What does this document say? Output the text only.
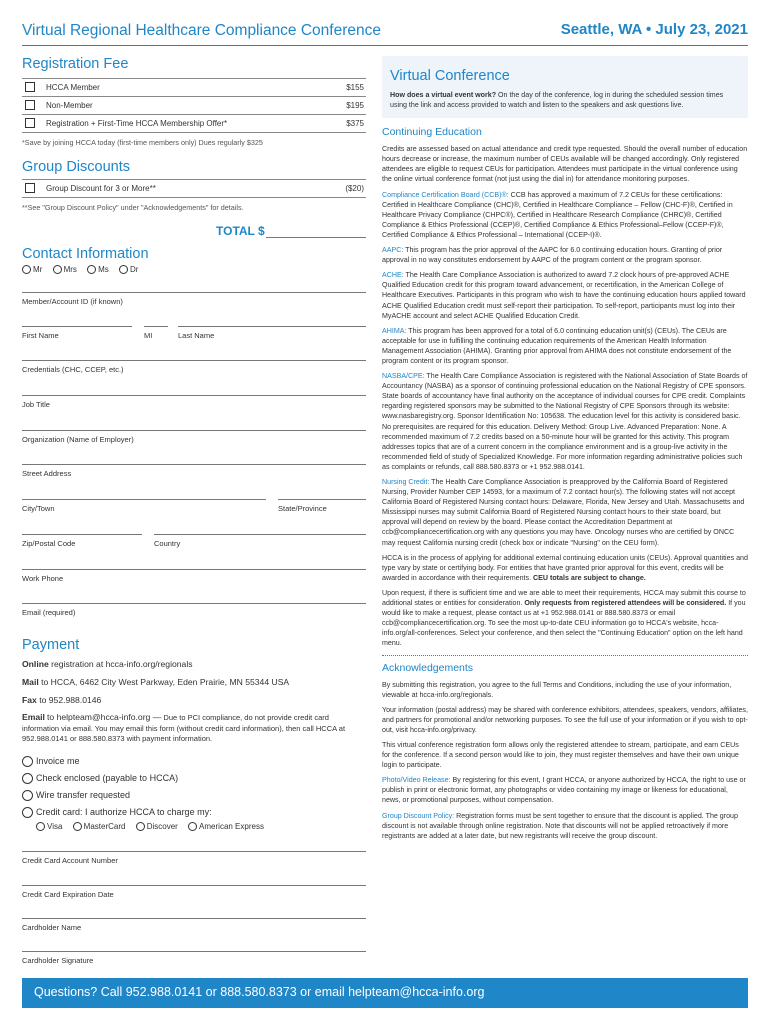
Virtual Regional Healthcare Compliance Conference	Seattle, WA • July 23, 2021
Registration Fee
HCCA Member	$155
Non-Member	$195
Registration + First-Time HCCA Membership Offer*	$375
*Save by joining HCCA today (first-time members only) Dues regularly $325
Group Discounts
Group Discount for 3 or More**	($20)
**See "Group Discount Policy" under "Acknowledgements" for details.
TOTAL $
Contact Information
Mr	Mrs	Ms	Dr
Member/Account ID (if known)
First Name	MI	Last Name
Credentials (CHC, CCEP, etc.)
Job Title
Organization (Name of Employer)
Street Address
City/Town	State/Province
Zip/Postal Code	Country
Work Phone
Email (required)
Payment
Online registration at hcca-info.org/regionals
Mail to HCCA, 6462 City West Parkway, Eden Prairie, MN 55344 USA
Fax to 952.988.0146
Email to helpteam@hcca-info.org — Due to PCI compliance, do not provide credit card information via email. You may email this form (without credit card information), then call HCCA at 952.988.0141 or 888.580.8373 with payment information.
Invoice me
Check enclosed (payable to HCCA)
Wire transfer requested
Credit card: I authorize HCCA to charge my:
Visa	MasterCard	Discover	American Express
Credit Card Account Number
Credit Card Expiration Date
Cardholder Name
Cardholder Signature
Virtual Conference
How does a virtual event work? On the day of the conference, log in during the scheduled session times using the link and access provided to watch and listen to the speakers and ask questions live.
Continuing Education
Credits are assessed based on actual attendance and credit type requested. Should the overall number of education hours decrease or increase, the maximum number of CEUs available will be changed accordingly. Only registered attendees are eligible to request CEUs for participation. Attendees must participate in the virtual conference using the online virtual conference format (not just using the dial in) for attendance monitoring purposes.
Compliance Certification Board (CCB)®: CCB has approved a maximum of 7.2 CEUs for these certifications: Certified in Healthcare Compliance (CHC)®, Certified in Healthcare Compliance – Fellow (CHC-F)®, Certified in Healthcare Privacy Compliance (CHPC®), Certified in Healthcare Research Compliance (CHRC)®, Certified Compliance & Ethics Professional (CCEP)®, Certified Compliance & Ethics Professional–Fellow (CCEP-F)®, Certified Compliance & Ethics Professional – International (CCEP-I)®.
AAPC: This program has the prior approval of the AAPC for 6.0 continuing education hours. Granting of prior approval in no way constitutes endorsement by AAPC of the program content or the program sponsor.
ACHE: The Health Care Compliance Association is authorized to award 7.2 clock hours of pre-approved ACHE Qualified Education credit for this program toward advancement, or recertification, in the American College of Healthcare Executives. Participants in this program who wish to have the continuing education hours applied toward ACHE Qualified Education credit must self-report their participation. To self-report, participants must log into their MyACHE account and select ACHE Qualified Education Credit.
AHIMA: This program has been approved for a total of 6.0 continuing education unit(s) (CEUs). The CEUs are acceptable for use in fulfilling the continuing education requirements of the American Health Information Management Association (AHIMA). Granting prior approval from AHIMA does not constitute endorsement of the program content or its program sponsor.
NASBA/CPE: The Health Care Compliance Association is registered with the National Association of State Boards of Accountancy (NASBA) as a sponsor of continuing professional education on the National Registry of CPE sponsors. State boards of accountancy have final authority on the acceptance of individual courses for CPE credit. Complaints regarding registered sponsors may be submitted to the National Registry of CPE Sponsors through its website: www.nasbaregistry.org. Sponsor Identification No: 105638. The education level for this activity is considered basic. No prerequisites are required for this education. Delivery Method: Group Live. Advanced Preparation: None. A recommended maximum of 7.2 credits based on a 50-minute hour will be granted for this activity. This program addresses topics that are of a current concern in the compliance environment and is a group-live activity in the recommended field of study of Specialized Knowledge. For more information regarding administrative policies such as complaints or refunds, call 888.580.8373 or +1 952.988.0141.
Nursing Credit: The Health Care Compliance Association is preapproved by the California Board of Registered Nursing, Provider Number CEP 14593, for a maximum of 7.2 contact hour(s). The following states will not accept California Board of Registered Nursing contact hours: Delaware, Florida, New Jersey and Utah. Massachusetts and Mississippi nurses may submit California Board of Registered Nursing contact hours to their state board, but approval will depend on review by the board. Please contact the Accreditation Department at ccb@compliancecertification.org with any questions you may have. Oncology nurses who are certified by ONCC may request California nursing credit (check box or indicate "Nursing" on the CEU form).
HCCA is in the process of applying for additional external continuing education units (CEUs). Approval quantities and type vary by state or certifying body. For entities that have granted prior approval for this event, credits will be awarded in accordance with their requirements. CEU totals are subject to change.
Upon request, if there is sufficient time and we are able to meet their requirements, HCCA may submit this course to additional states or entities for consideration. Only requests from registered attendees will be considered. If you would like to make a request, please contact us at +1 952.988.0141 or 888.580.8373 or email ccb@compliancecertification.org. To see the most up-to-date CEU information go to HCCA's website, hcca-info.org/all-conferences. Select your conference, and then select the "Continuing Education" option on the left hand menu.
Acknowledgements
By submitting this registration, you agree to the full Terms and Conditions, including the use of your information, viewable at hcca-info.org/regionals.
Your information (postal address) may be shared with conference exhibitors, attendees, speakers, vendors, affiliates, and partners for promotional and/or networking purposes. To see the full use of your information or if you wish to opt-out, visit hcca-info.org/privacy.
This virtual conference registration form allows only the registered attendee to stream, participate, and earn CEUs for the conference. If a second person would like to join, they must register themselves and have their own unique login to participate.
Photo/Video Release: By registering for this event, I grant HCCA, or anyone authorized by HCCA, the right to use or publish in print or electronic format, any photographs or video containing my image or likeness for educational, news, or promotional purposes, without compensation.
Group Discount Policy: Registration forms must be sent together to ensure that the discount is applied. The group discount is not available through online registration. Note that discounts will not be applied retroactively if more registrants are added at a later date, but new registrants will receive the group discount.
Questions? Call 952.988.0141 or 888.580.8373 or email helpteam@hcca-info.org
